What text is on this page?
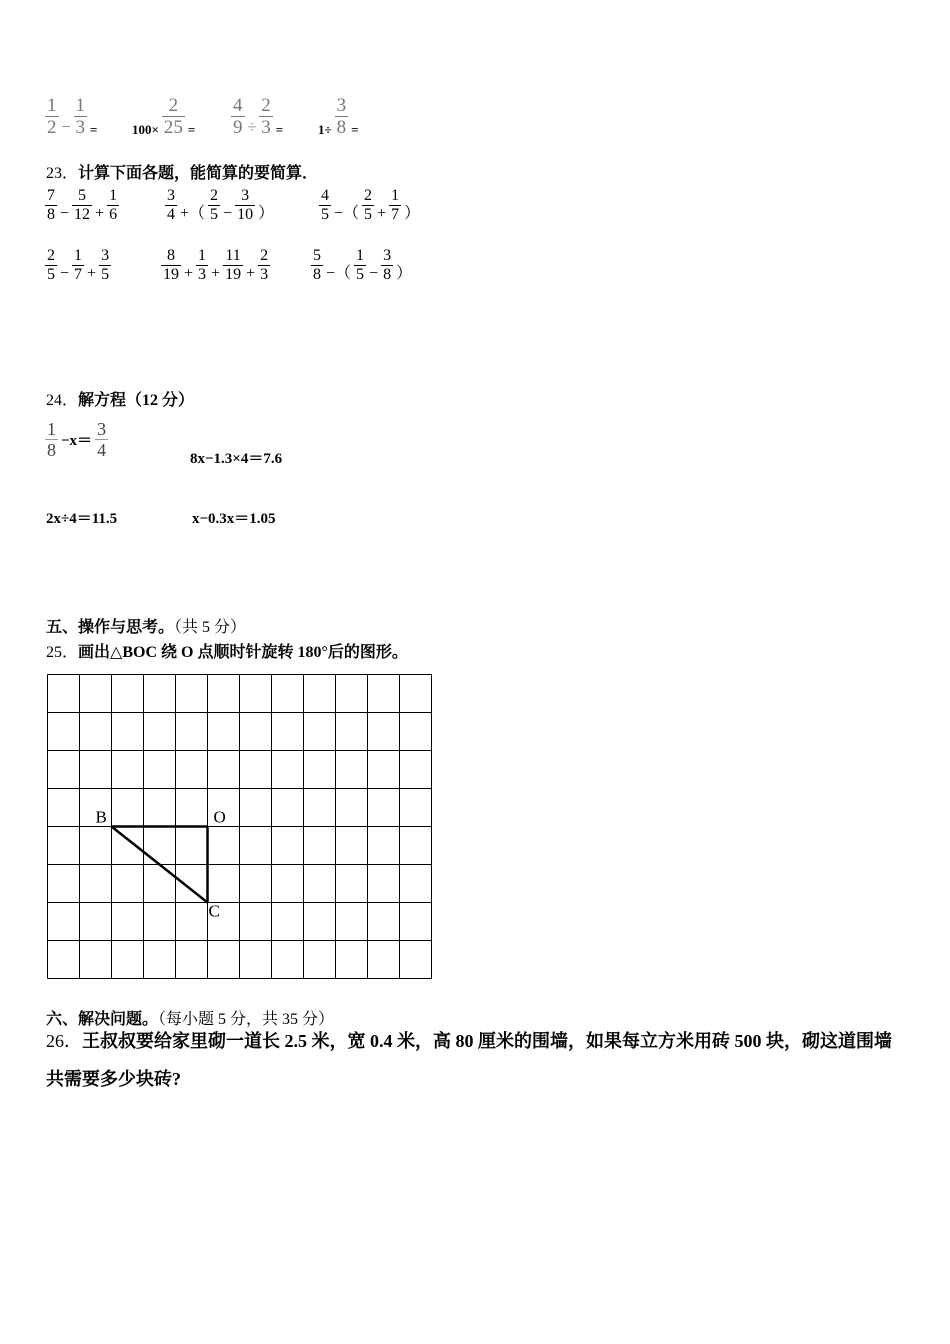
$\frac{1}{2} - \frac{1}{3}$ =	$100\times \frac{2}{25} = \frac{4}{9} \div \frac{2}{3}$ =	$1\div \frac{3}{8}$ =
23．计算下面各题，能简算的要简算．
$\frac{7}{8} - \frac{5}{12} + \frac{1}{6}$	$\frac{3}{4}$ +（ $\frac{2}{5} - \frac{3}{10}$ ）	$\frac{4}{5}$ −（ $\frac{2}{5} + \frac{1}{7}$ ）
$\frac{2}{5} - \frac{1}{7} + \frac{3}{5}$	$\frac{8}{19} + \frac{1}{3} + \frac{11}{19} + \frac{2}{3}$	$\frac{5}{8}$ −（ $\frac{1}{5} - \frac{3}{8}$ ）
24．解方程（12 分）
$\frac{1}{8} -x= \frac{3}{4}$	8x−1.3×4＝7.6
2x÷4＝11.5	x−0.3x＝1.05
五、操作与思考。（共 5 分）
25．画出△BOC 绕 O 点顺时针旋转 180°后的图形。
B	O
C
六、解决问题。（每小题 5 分，共 35 分）
26．王叔叔要给家里砌一道长 2.5 米，宽 0.4 米，高 80 厘米的围墙，如果每立方米用砖 500 块，砌这道围墙共需要多少块砖?
